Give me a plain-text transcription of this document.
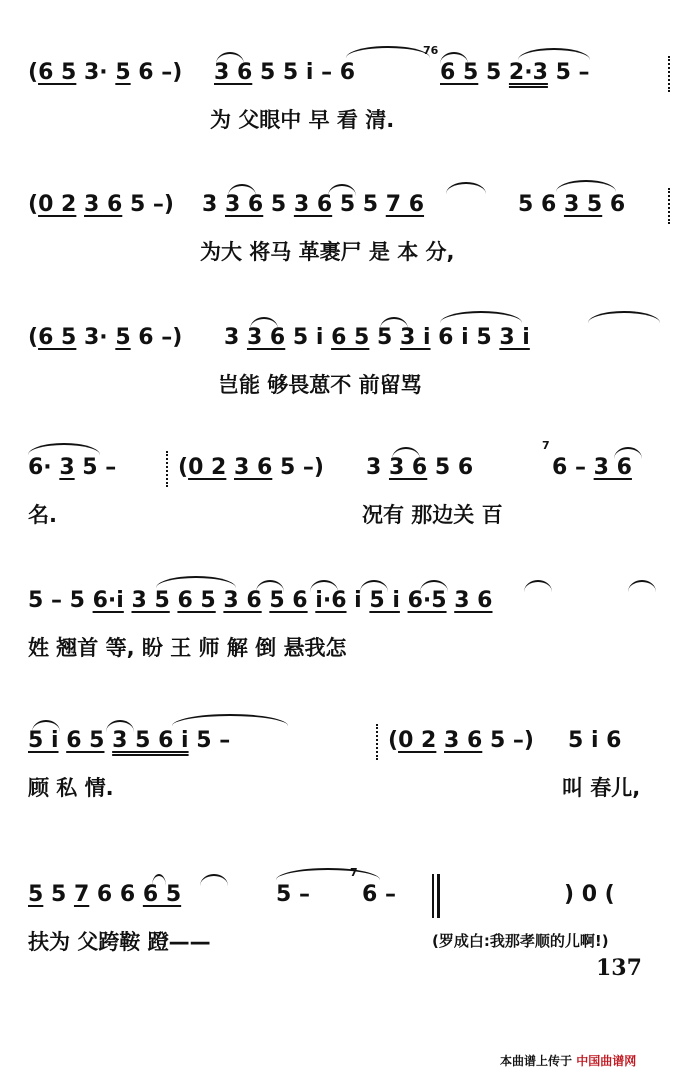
(6 5 3· 5 6 –) 3 6 5 5 i – 6
76
6 5 5 2·3 5 –
为 父眼中 早 看 清.
(0 2 3 6 5 –) 3 3 6 5 3 6 5 5 7 6	5 6 3 5 6
为大 将马 革裹尸 是 本 分,
(6 5 3· 5 6 –) 3 3 6 5 i 6 5 5 3 i 6 i 5 3 i
岂能 够畏葸不 前留骂
6· 3 5 –	(0 2 3 6 5 –) 3 3 6 5 6
7
6 – 3 6
名.	况有 那边关 百
5 – 5 6·i 3 5 6 5 3 6 5 6 i·6 i 5 i 6·5 3 6
姓 翘首 等, 盼 王 师 解 倒 悬我怎
5 i 6 5 3 5 6 i 5 –	(0 2 3 6 5 –) 5 i 6
顾 私 情.	叫 春儿,
5 5 7 6 6 6 5	5 –
7
6 –	) 0 (
扶为 父跨鞍 蹬——	(罗成白:我那孝顺的儿啊!)
137
本曲谱上传于 中国曲谱网
